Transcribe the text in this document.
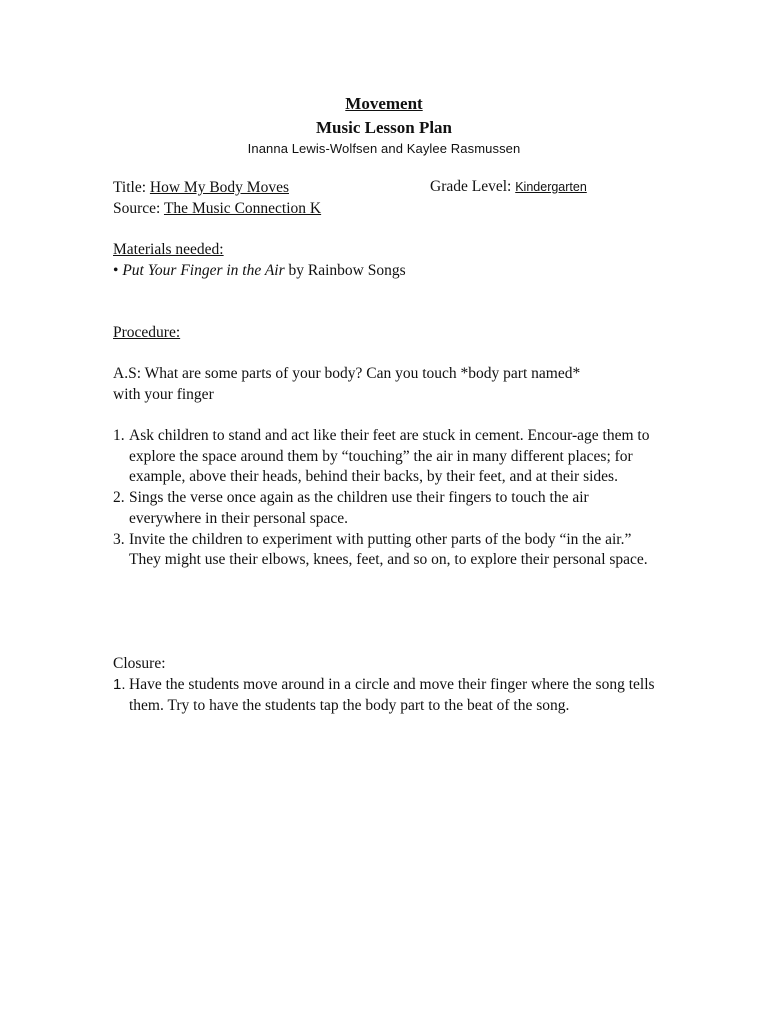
Movement
Music Lesson Plan
Inanna Lewis-Wolfsen and Kaylee Rasmussen
Title: How My Body Moves	Grade Level: Kindergarten
Source: The Music Connection K
Materials needed:
• Put Your Finger in the Air by Rainbow Songs
Procedure:
A.S: What are some parts of your body? Can you touch *body part named*
with your finger
1. Ask children to stand and act like their feet are stuck in cement. Encour-age them to explore the space around them by “touching” the air in many different places; for example, above their heads, behind their backs, by their feet, and at their sides.
2. Sings the verse once again as the children use their fingers to touch the air everywhere in their personal space.
3. Invite the children to experiment with putting other parts of the body “in the air.” They might use their elbows, knees, feet, and so on, to explore their personal space.
Closure:
1. Have the students move around in a circle and move their finger where the song tells them. Try to have the students tap the body part to the beat of the song.
